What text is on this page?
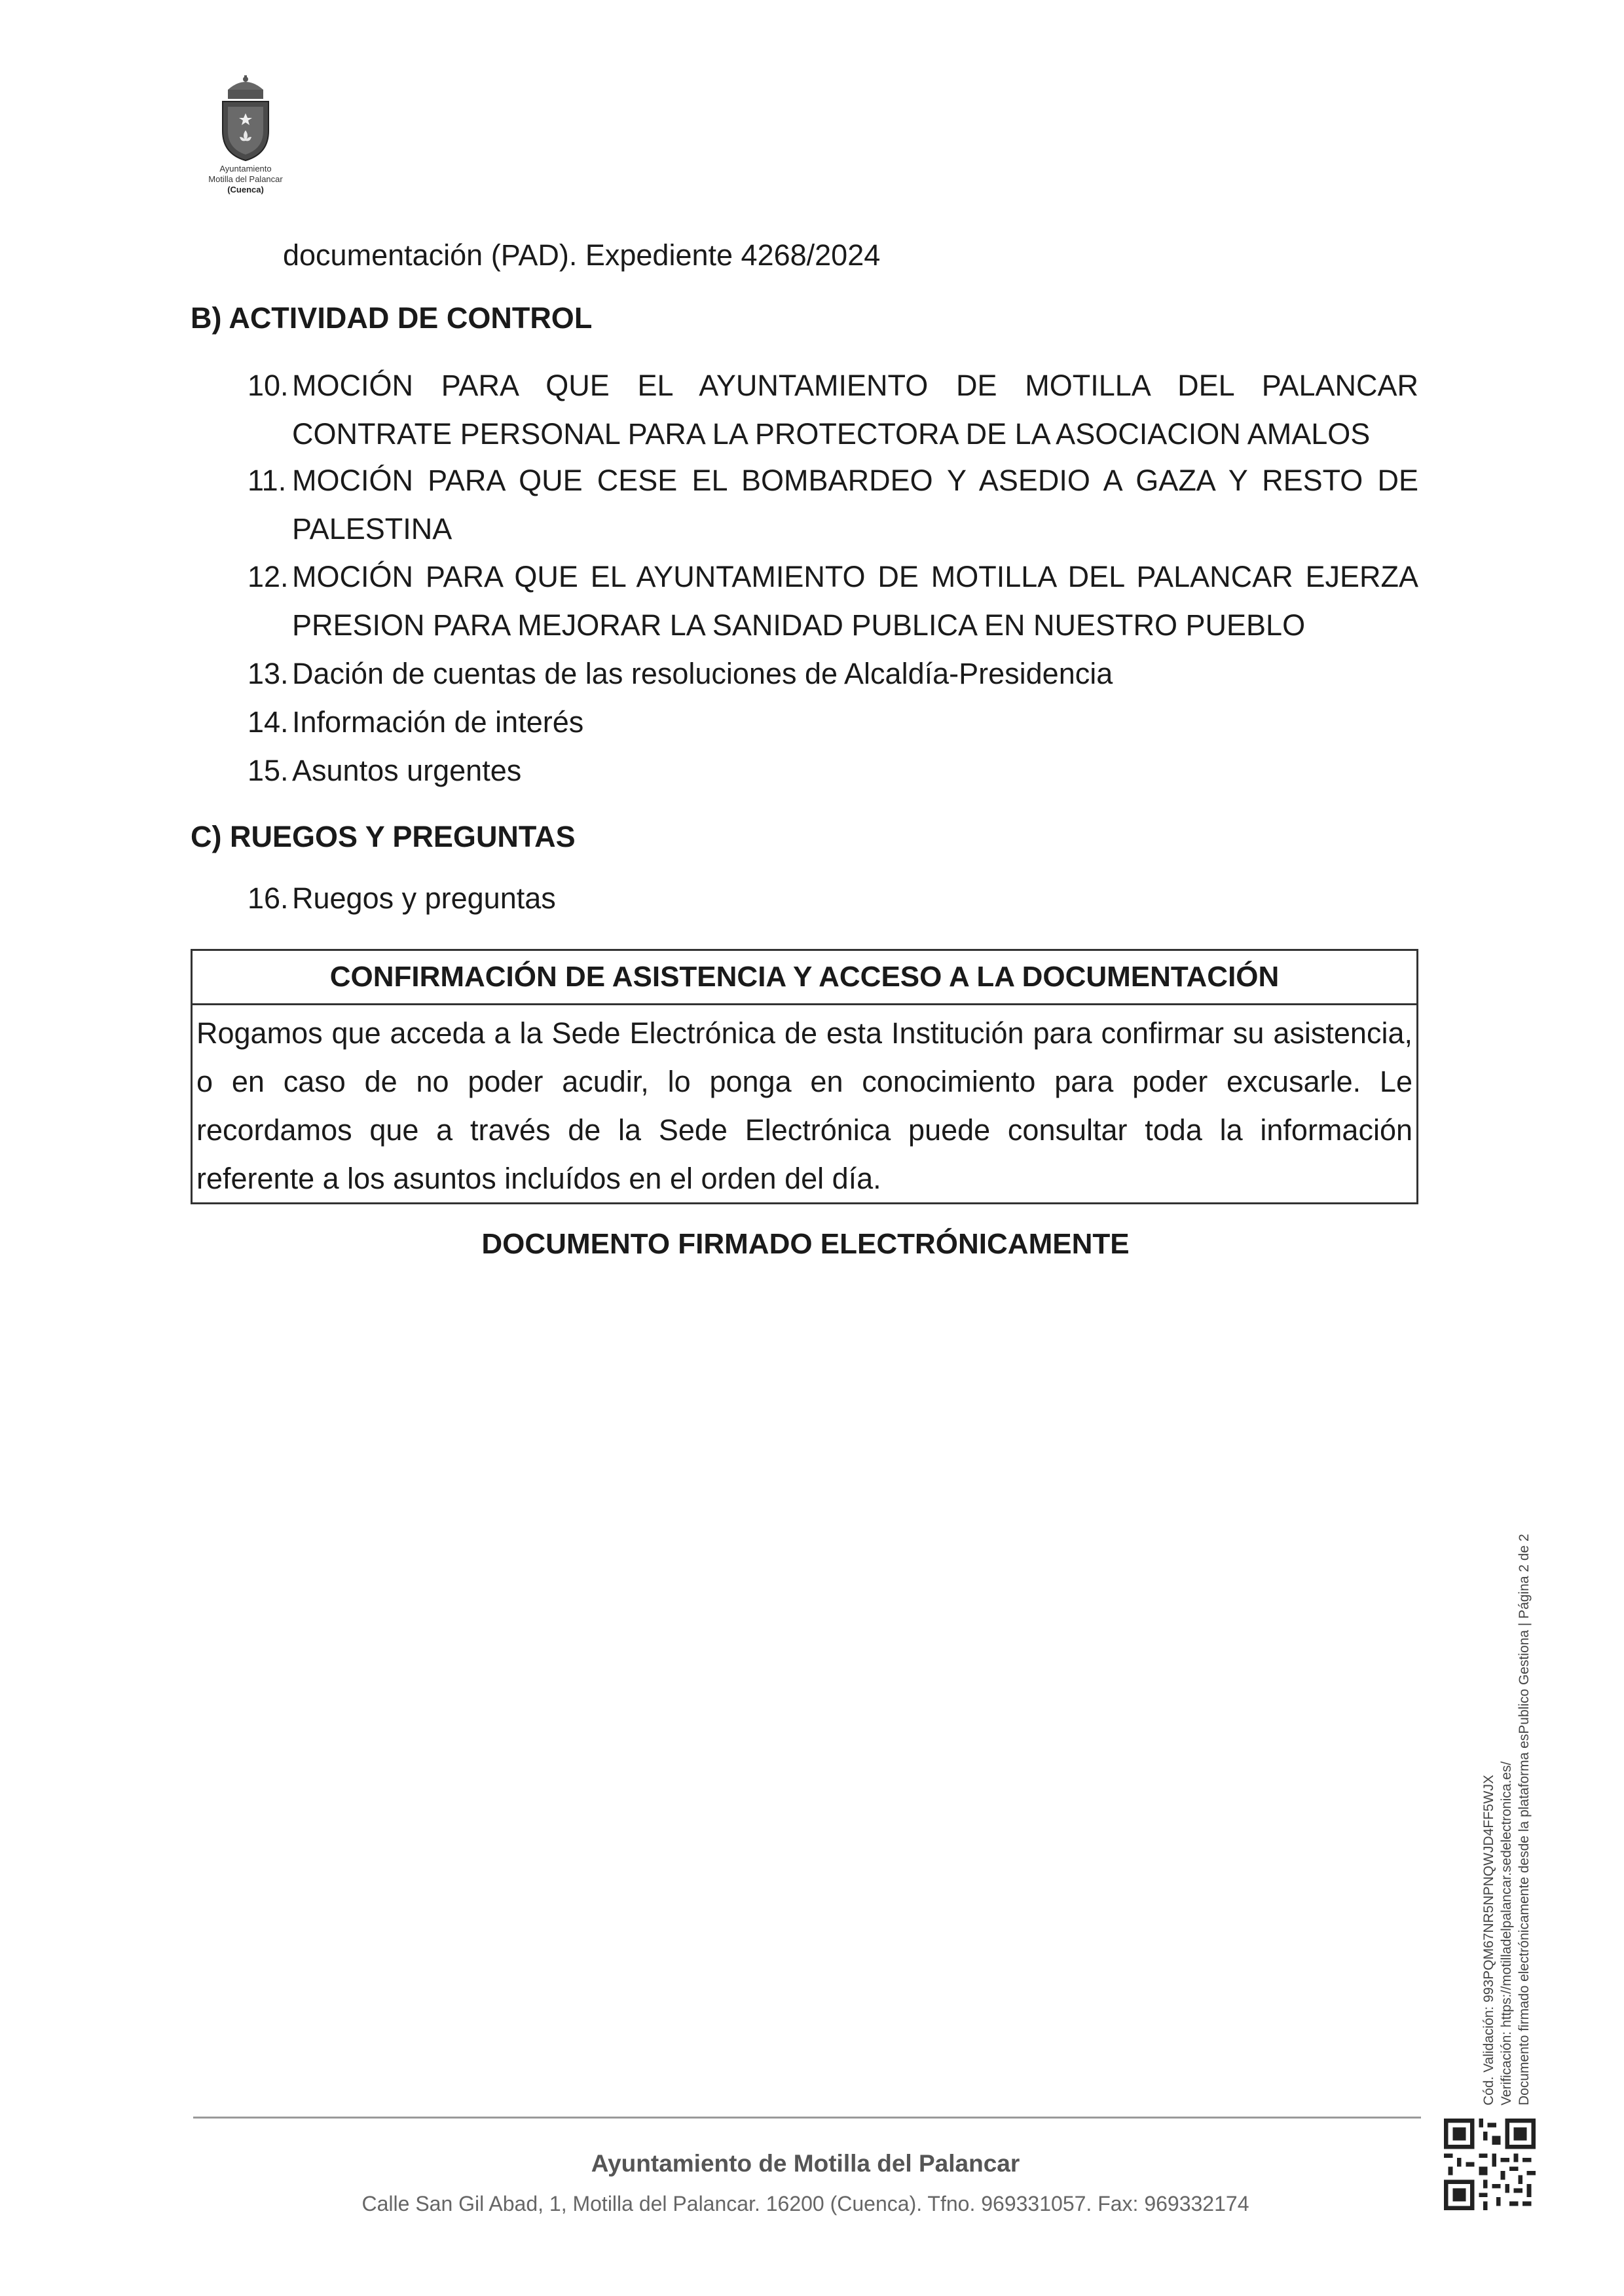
Ayuntamiento
Motilla del Palancar
(Cuenca)
documentación (PAD). Expediente 4268/2024
B) ACTIVIDAD DE CONTROL
10. MOCIÓN PARA QUE EL AYUNTAMIENTO DE MOTILLA DEL PALANCAR
CONTRATE PERSONAL PARA LA PROTECTORA DE LA ASOCIACION AMALOS
11. MOCIÓN PARA QUE CESE EL BOMBARDEO Y ASEDIO A GAZA Y RESTO DE
PALESTINA
12. MOCIÓN PARA QUE EL AYUNTAMIENTO DE MOTILLA DEL PALANCAR EJERZA
PRESION PARA MEJORAR LA SANIDAD PUBLICA EN NUESTRO PUEBLO
13. Dación de cuentas de las resoluciones de Alcaldía-Presidencia
14. Información de interés
15. Asuntos urgentes
C) RUEGOS Y PREGUNTAS
16. Ruegos y preguntas
CONFIRMACIÓN DE ASISTENCIA Y ACCESO A LA DOCUMENTACIÓN
Rogamos que acceda a la Sede Electrónica de esta Institución para confirmar su asistencia, o en caso de no poder acudir, lo ponga en conocimiento para poder excusarle. Le recordamos que a través de la Sede Electrónica puede consultar toda la información referente a los asuntos incluídos en el orden del día.
DOCUMENTO FIRMADO ELECTRÓNICAMENTE
Cód. Validación: 993PQM67NR5NPNQWJD4FF5WJX Verificación: https://motilladelpalancar.sedelectronica.es/ Documento firmado electrónicamente desde la plataforma esPublico Gestiona | Página 2 de 2
Ayuntamiento de Motilla del Palancar
Calle San Gil Abad, 1, Motilla del Palancar. 16200 (Cuenca). Tfno. 969331057. Fax: 969332174
